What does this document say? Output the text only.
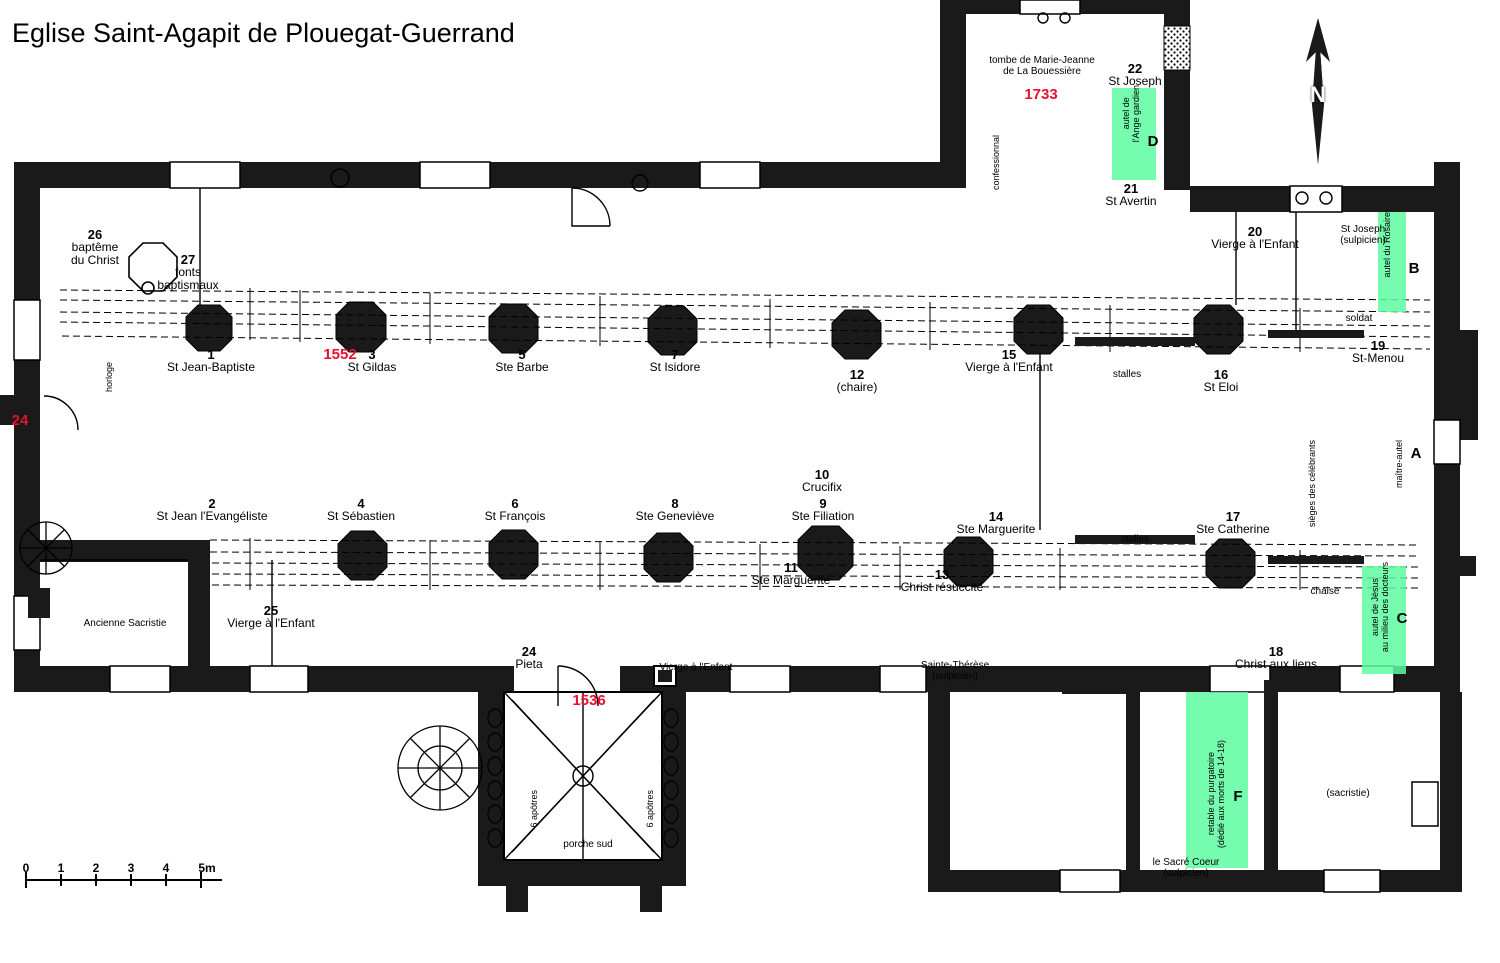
Eglise Saint-Agapit de Plouegat-Guerrand
1
St Jean-Baptiste
3
St Gildas
5
Ste Barbe
7
St Isidore	12
(chaire)
15
Vierge à l'Enfant	16
St Eloi
2
St Jean l'Evangéliste
4
St Sébastien
6
St François
8
Ste Geneviève
9
Ste Filiation
10
Crucifix
14
Ste Marguerite
17
Ste Catherine
11
Ste Marguerite	13
Christ résuccité
18
Christ aux liens
19
St-Menou
20
Vierge à l'Enfant
21
St Avertin
22
St Joseph
24
Pieta
25
Vierge à l'Enfant
26
baptême
du Christ	27
fonts
baptismaux
tombe de Marie-Jeanne
de La Bouessière
St Joseph
(sulpicien)
soldat
stalles
stalles
chaise
Ancienne Sacristie
(sacristie)
porche sud
Vierge à l'Enfant	Sainte-Thérèse
(sulpicien)
le Sacré Coeur
(sulpicien)
confessionnal
horloge
sièges des célébrants	maître-autel
6 apôtres	6 apôtres
1733
1552
1536
24
D
autel de
l'Ange gardien
B
autel du Rosaire
A
C
autel de Jésus
au milieu des docteurs
F
retable du purgatoire
(dédié aux morts de 14-18)
N
0 1 2 3 4 5m
